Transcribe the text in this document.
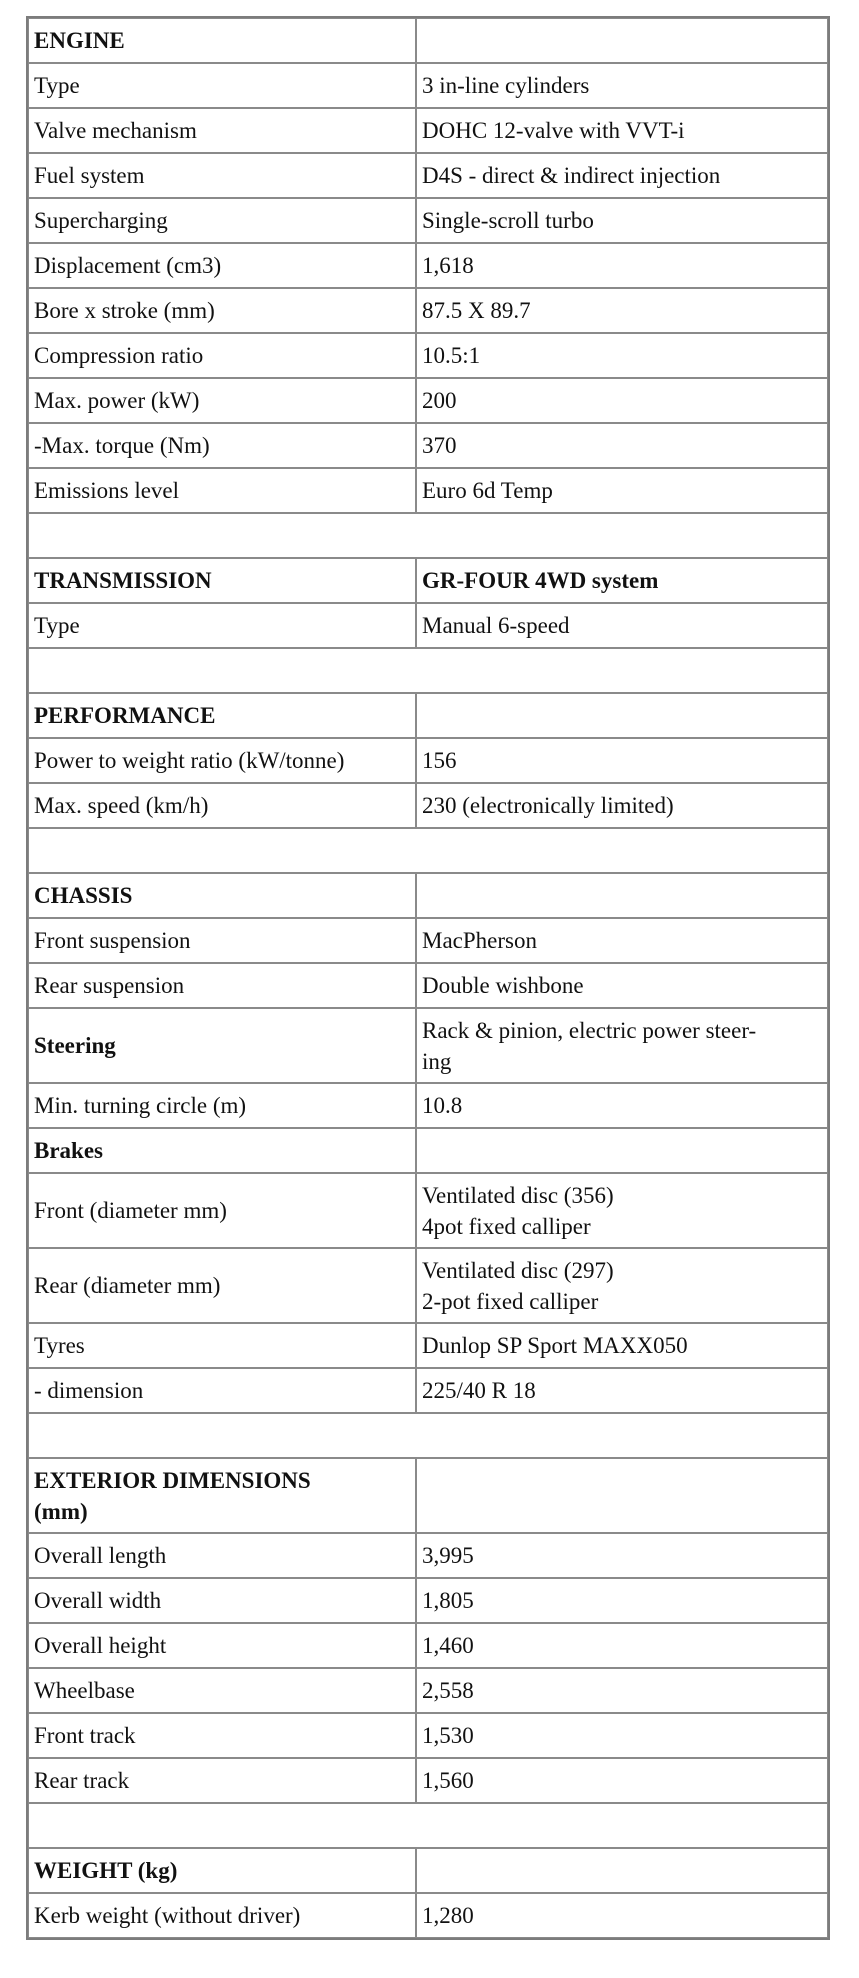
ENGINE	
Type	3 in-line cylinders
Valve mechanism	DOHC 12-valve with VVT-i
Fuel system	D4S - direct & indirect injection
Supercharging	Single-scroll turbo
Displacement (cm3)	1,618
Bore x stroke (mm)	87.5 X 89.7
Compression ratio	10.5:1
Max. power (kW)	200
-Max. torque (Nm)	370
Emissions level	Euro 6d Temp

TRANSMISSION	GR-FOUR 4WD system
Type	Manual 6-speed

PERFORMANCE	
Power to weight ratio (kW/tonne)	156
Max. speed (km/h)	230 (electronically limited)

CHASSIS	
Front suspension	MacPherson
Rear suspension	Double wishbone
Steering	Rack & pinion, electric power steer-
ing
Min. turning circle (m)	10.8
Brakes	
Front (diameter mm)	Ventilated disc (356)
4pot fixed calliper
Rear (diameter mm)	Ventilated disc (297)
2-pot fixed calliper
Tyres	Dunlop SP Sport MAXX050
- dimension	225/40 R 18

EXTERIOR DIMENSIONS
(mm)	
Overall length	3,995
Overall width	1,805
Overall height	1,460
Wheelbase	2,558
Front track	1,530
Rear track	1,560

WEIGHT (kg)	
Kerb weight (without driver)	1,280
